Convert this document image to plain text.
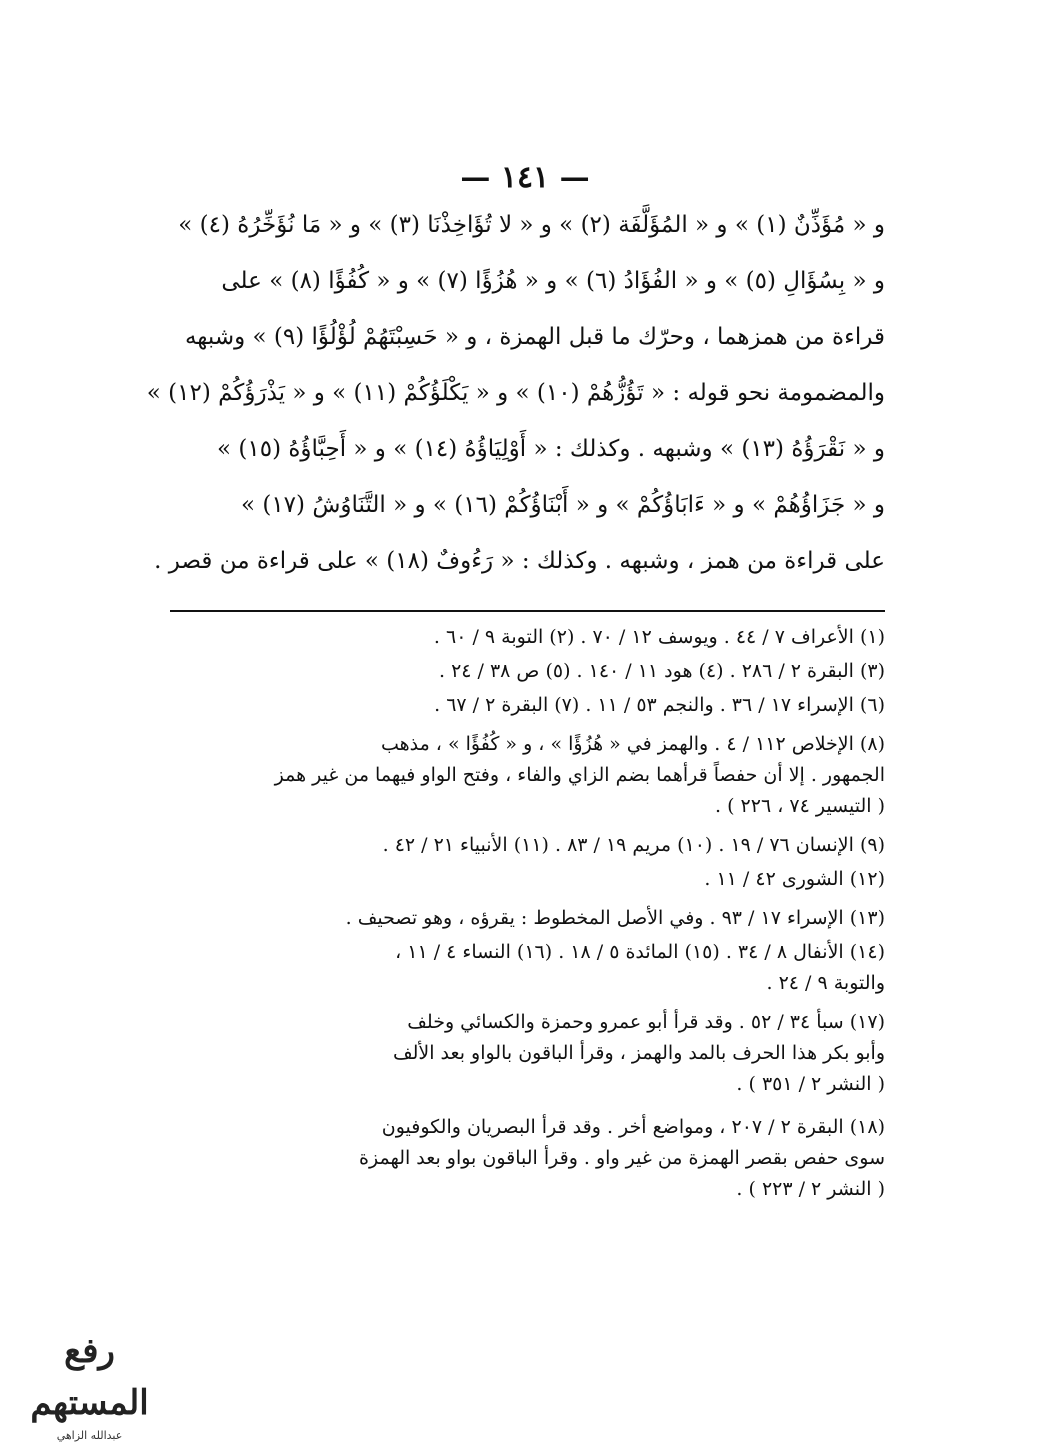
— ١٤١ —
و « مُؤَذِّنٌ (١) » و « المُؤَلَّفَة (٢) » و « لا تُؤَاخِذْنَا (٣) » و « مَا نُؤَخِّرُهُ (٤) »
و « بِسُؤَالِ (٥) » و « الفُؤَادُ (٦) » و « هُزُؤًا (٧) » و « كُفُؤًا (٨) » على
قراءة من همزهما ، وحرّك ما قبل الهمزة ، و « حَسِبْتَهُمْ لُؤْلُؤًا (٩) » وشبهه
والمضمومة نحو قوله : « تَؤُزُّهُمْ (١٠) » و « يَكْلَؤُكُمْ (١١) » و « يَذْرَؤُكُمْ (١٢) »
و « نَقْرَؤُهُ (١٣) » وشبهه . وكذلك : « أَوْلِيَاؤُهُ (١٤) » و « أَحِبَّاؤُهُ (١٥) »
و « جَزَاؤُهُمْ » و « ءَابَاؤُكُمْ » و « أَبْنَاؤُكُمْ (١٦) » و « التَّنَاوُشُ (١٧) »
على قراءة من همز ، وشبهه . وكذلك : « رَءُوفٌ (١٨) » على قراءة من قصر .
(١) الأعراف ٧ / ٤٤ . ويوسف ١٢ / ٧٠ . (٢) التوبة ٩ / ٦٠ .
(٣) البقرة ٢ / ٢٨٦ . (٤) هود ١١ / ١٤٠ . (٥) ص ٣٨ / ٢٤ .
(٦) الإسراء ١٧ / ٣٦ . والنجم ٥٣ / ١١ . (٧) البقرة ٢ / ٦٧ .
(٨) الإخلاص ١١٢ / ٤ . والهمز في « هُزُؤًا » ، و « كُفُؤًا » ، مذهب
الجمهور . إلا أن حفصاً قرأهما بضم الزاي والفاء ، وفتح الواو فيهما من غير همز
( التيسير ٧٤ ، ٢٢٦ ) .
(٩) الإنسان ٧٦ / ١٩ . (١٠) مريم ١٩ / ٨٣ . (١١) الأنبياء ٢١ / ٤٢ .
(١٢) الشورى ٤٢ / ١١ .
(١٣) الإسراء ١٧ / ٩٣ . وفي الأصل المخطوط : يقرؤه ، وهو تصحيف .
(١٤) الأنفال ٨ / ٣٤ . (١٥) المائدة ٥ / ١٨ . (١٦) النساء ٤ / ١١ ،
والتوبة ٩ / ٢٤ .
(١٧) سبأ ٣٤ / ٥٢ . وقد قرأ أبو عمرو وحمزة والكسائي وخلف
وأبو بكر هذا الحرف بالمد والهمز ، وقرأ الباقون بالواو بعد الألف
( النشر ٢ / ٣٥١ ) .
(١٨) البقرة ٢ / ٢٠٧ ، ومواضع أخر . وقد قرأ البصريان والكوفيون
سوى حفص بقصر الهمزة من غير واو . وقرأ الباقون بواو بعد الهمزة
( النشر ٢ / ٢٢٣ ) .
رفع المستهم
عبدالله الزاهي
